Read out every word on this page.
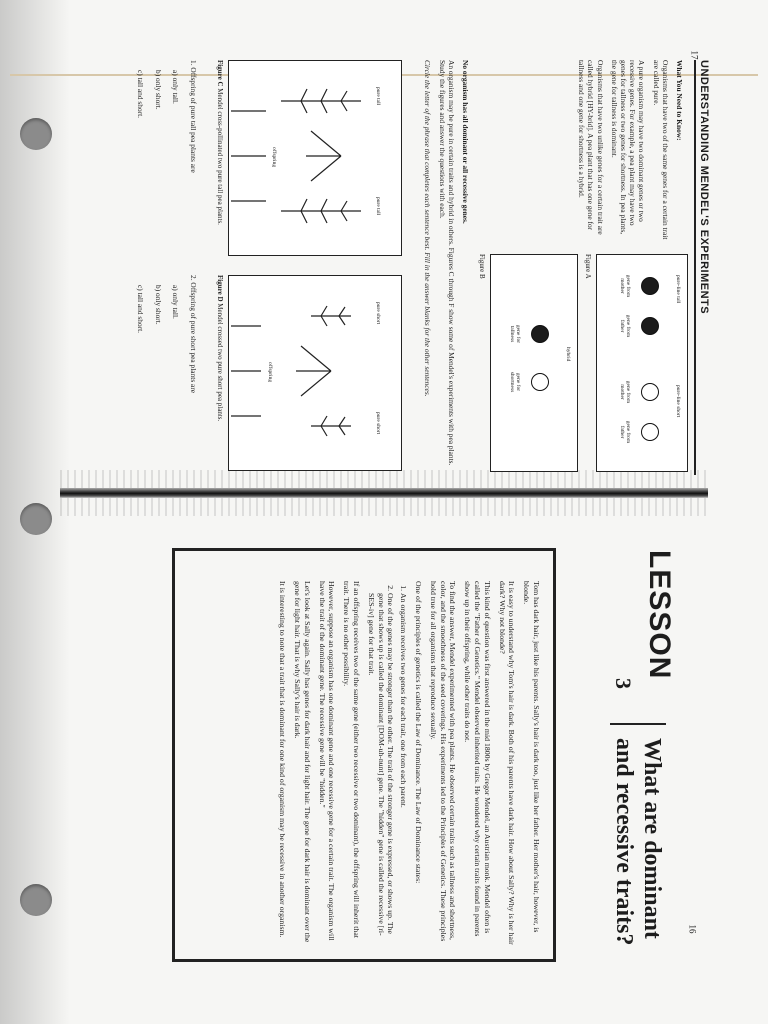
LESSON
3
What are dominant
and recessive traits?

Tom has dark hair, just like his parents. Sally's hair is dark too, just like her father. Her mother's hair, however, is blonde.

It is easy to understand why Tom's hair is dark. Both of his parents have dark hair. How about Sally? Why is her hair dark? Why not blonde?

This kind of question was first answered in the mid 1800s by Gregor Mendel, an Austrian monk. Mendel often is called the "Father of Genetics." Mendel observed inherited traits. He wondered why certain traits found in parents show up in their offspring, while other traits do not.

To find the answer, Mendel experimented with pea plants. He observed certain traits such as tallness and shortness, color, and the smoothness of the seed coverings. His experiments led to the Principles of Genetics. These principles hold true for all organisms that reproduce sexually.

One of the principles of genetics is called the Law of Dominance. The Law of Dominance states:

1. An organism receives two genes for each trait, one from each parent.
2. One of the genes may be stronger than the other. The trait of the stronger gene is expressed, or shows up. The gene that shows up is called the dominant [DOM-uh-nunt] gene. The "hidden" gene is called the recessive [ri-SES-iv] gene for that trait.

If an offspring receives two of the same gene (either two recessive or two dominant), the offspring will inherit that trait. There is no other possibility.

However, suppose an organism has one dominant gene and one recessive gene for a certain trait. The organism will have the trait of the dominant gene. The recessive gene will be "hidden."

Let's look at Sally again. Sally has genes for dark hair and for light hair. The gene for dark hair is dominant over the gene for light hair. That is why Sally's hair is dark.

It is interesting to note that a trait that is dominant for one kind of organism may be recessive in another organism.	16
UNDERSTANDING MENDEL'S EXPERIMENTS
What You Need to Know:

Organisms that have two of the same genes for a certain trait are called pure.

A pure organism may have two dominant genes or two recessive genes. For example, a pea plant may have two genes for tallness or two genes for shortness. In pea plants, the gene for tallness is dominant.

Organisms that have two unlike genes for a certain trait are called hybrid [HY-brid]. A pea plant that has one gene for tallness and one gene for shortness is a hybrid.

pure-line tall
pure-line short
gene from mother
gene from father
gene from mother
gene from father
Figure A
hybrid
gene for tallness
gene for shortness
Figure B

No organism has all dominant or all recessive genes.

An organism may be pure in certain traits and hybrid in others. Figures C through F show some of Mendel's experiments with pea plants. Study the figures and answer the questions with each.

Circle the letter of the phrase that completes each sentence best. Fill in the answer blanks for the other sentences.

pure tall
pure tall
offspring
Figure C Mendel cross-pollinated two pure tall pea plants.
pure short
pure short
offspring
Figure D Mendel crossed two pure short pea plants.
1. Offspring of pure tall pea plants are
a) only tall.
b) only short.
c) tall and short.
2. Offspring of pure short pea plants are
a) only tall.
b) only short.
c) tall and short.
17
